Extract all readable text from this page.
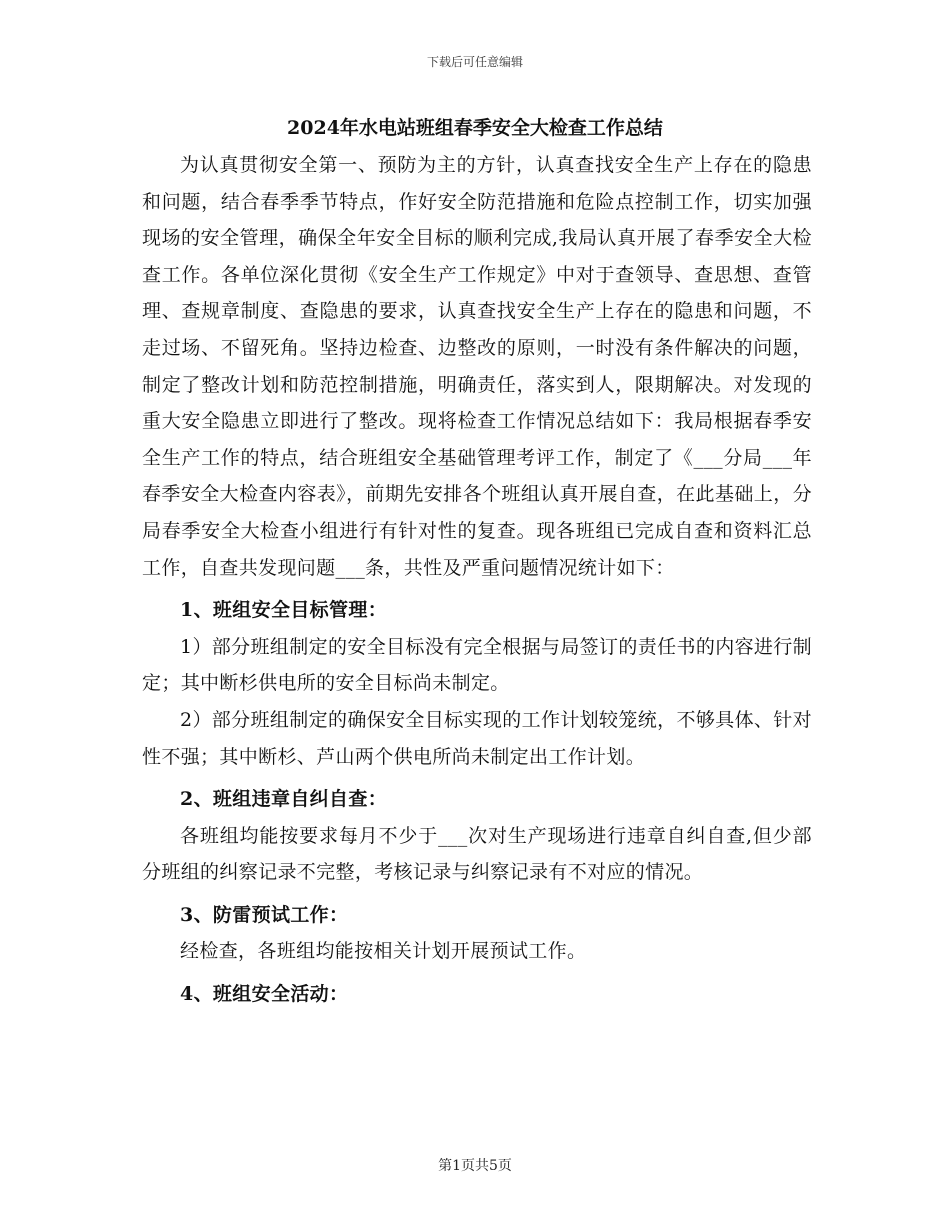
下载后可任意编辑
2024年水电站班组春季安全大检查工作总结

为认真贯彻安全第一、预防为主的方针，认真查找安全生产上存在的隐患和问题，结合春季季节特点，作好安全防范措施和危险点控制工作，切实加强现场的安全管理，确保全年安全目标的顺利完成,我局认真开展了春季安全大检查工作。各单位深化贯彻《安全生产工作规定》中对于查领导、查思想、查管理、查规章制度、查隐患的要求，认真查找安全生产上存在的隐患和问题，不走过场、不留死角。坚持边检查、边整改的原则，一时没有条件解决的问题，制定了整改计划和防范控制措施，明确责任，落实到人，限期解决。对发现的重大安全隐患立即进行了整改。现将检查工作情况总结如下：我局根据春季安全生产工作的特点，结合班组安全基础管理考评工作，制定了《___分局___年春季安全大检查内容表》，前期先安排各个班组认真开展自查，在此基础上，分局春季安全大检查小组进行有针对性的复查。现各班组已完成自查和资料汇总工作，自查共发现问题___条，共性及严重问题情况统计如下：

1、班组安全目标管理：

1）部分班组制定的安全目标没有完全根据与局签订的责任书的内容进行制定；其中断杉供电所的安全目标尚未制定。

2）部分班组制定的确保安全目标实现的工作计划较笼统，不够具体、针对性不强；其中断杉、芦山两个供电所尚未制定出工作计划。

2、班组违章自纠自查：

各班组均能按要求每月不少于___次对生产现场进行违章自纠自查,但少部分班组的纠察记录不完整，考核记录与纠察记录有不对应的情况。

3、防雷预试工作：

经检查，各班组均能按相关计划开展预试工作。

4、班组安全活动：

第1页共5页
